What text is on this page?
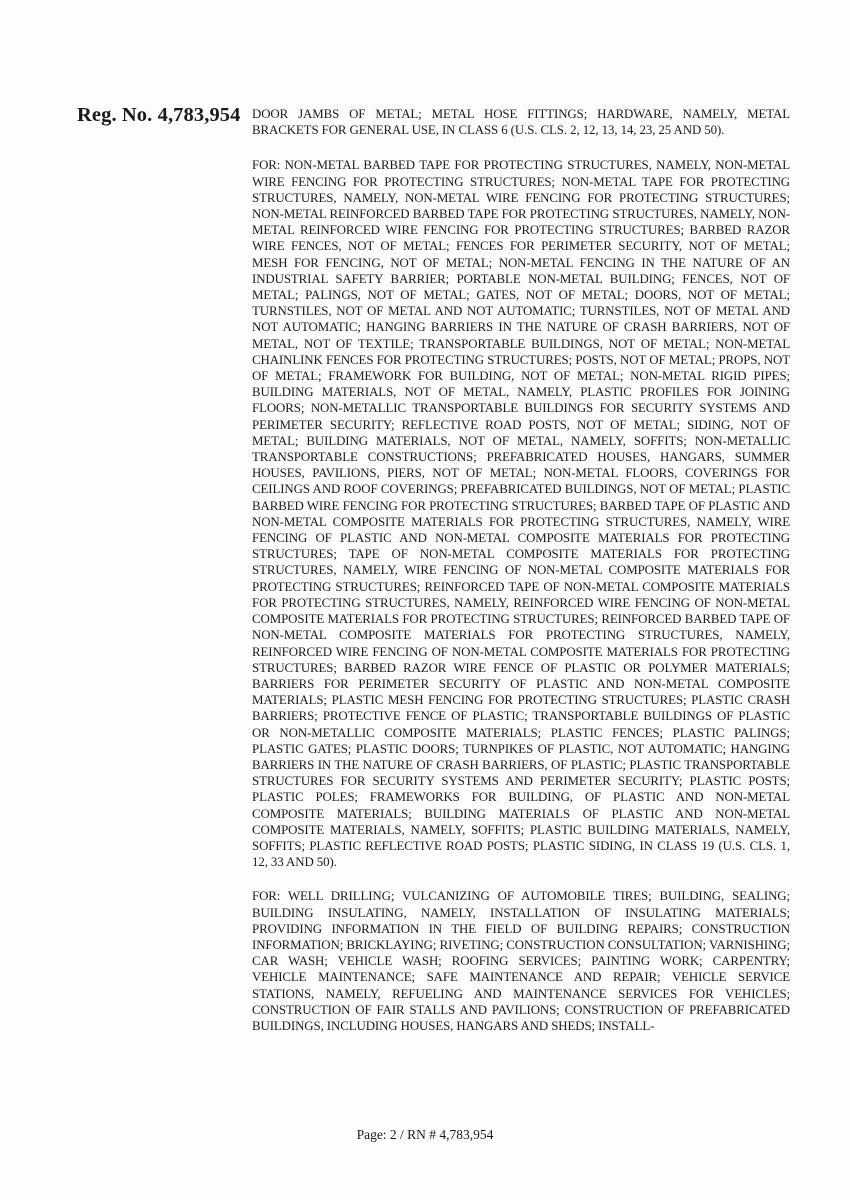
Reg. No. 4,783,954 DOOR JAMBS OF METAL; METAL HOSE FITTINGS; HARDWARE, NAMELY, METAL BRACKETS FOR GENERAL USE, IN CLASS 6 (U.S. CLS. 2, 12, 13, 14, 23, 25 AND 50).

FOR: NON-METAL BARBED TAPE FOR PROTECTING STRUCTURES, NAMELY, NON-METAL WIRE FENCING FOR PROTECTING STRUCTURES; NON-METAL TAPE FOR PROTECTING STRUCTURES, NAMELY, NON-METAL WIRE FENCING FOR PROTECTING STRUCTURES; NON-METAL REINFORCED BARBED TAPE FOR PROTECTING STRUCTURES, NAMELY, NON-METAL REINFORCED WIRE FENCING FOR PROTECTING STRUCTURES; BARBED RAZOR WIRE FENCES, NOT OF METAL; FENCES FOR PERIMETER SECURITY, NOT OF METAL; MESH FOR FENCING, NOT OF METAL; NON-METAL FENCING IN THE NATURE OF AN INDUSTRIAL SAFETY BARRIER; PORTABLE NON-METAL BUILDING; FENCES, NOT OF METAL; PALINGS, NOT OF METAL; GATES, NOT OF METAL; DOORS, NOT OF METAL; TURNSTILES, NOT OF METAL AND NOT AUTOMATIC; TURNSTILES, NOT OF METAL AND NOT AUTOMATIC; HANGING BARRIERS IN THE NATURE OF CRASH BARRIERS, NOT OF METAL, NOT OF TEXTILE; TRANSPORTABLE BUILDINGS, NOT OF METAL; NON-METAL CHAINLINK FENCES FOR PROTECTING STRUCTURES; POSTS, NOT OF METAL; PROPS, NOT OF METAL; FRAMEWORK FOR BUILDING, NOT OF METAL; NON-METAL RIGID PIPES; BUILDING MATERIALS, NOT OF METAL, NAMELY, PLASTIC PROFILES FOR JOINING FLOORS; NON-METALLIC TRANSPORTABLE BUILDINGS FOR SECURITY SYSTEMS AND PERIMETER SECURITY; REFLECTIVE ROAD POSTS, NOT OF METAL; SIDING, NOT OF METAL; BUILDING MATERIALS, NOT OF METAL, NAMELY, SOFFITS; NON-METALLIC TRANSPORTABLE CONSTRUCTIONS; PREFABRICATED HOUSES, HANGARS, SUMMER HOUSES, PAVILIONS, PIERS, NOT OF METAL; NON-METAL FLOORS, COVERINGS FOR CEILINGS AND ROOF COVERINGS; PREFABRICATED BUILDINGS, NOT OF METAL; PLASTIC BARBED WIRE FENCING FOR PROTECTING STRUCTURES; BARBED TAPE OF PLASTIC AND NON-METAL COMPOSITE MATERIALS FOR PROTECTING STRUCTURES, NAMELY, WIRE FENCING OF PLASTIC AND NON-METAL COMPOSITE MATERIALS FOR PROTECTING STRUCTURES; TAPE OF NON-METAL COMPOSITE MATERIALS FOR PROTECTING STRUCTURES, NAMELY, WIRE FENCING OF NON-METAL COMPOSITE MATERIALS FOR PROTECTING STRUCTURES; REINFORCED TAPE OF NON-METAL COMPOSITE MATERIALS FOR PROTECTING STRUCTURES, NAMELY, REINFORCED WIRE FENCING OF NON-METAL COMPOSITE MATERIALS FOR PROTECTING STRUCTURES; REINFORCED BARBED TAPE OF NON-METAL COMPOSITE MATERIALS FOR PROTECTING STRUCTURES, NAMELY, REINFORCED WIRE FENCING OF NON-METAL COMPOSITE MATERIALS FOR PROTECTING STRUCTURES; BARBED RAZOR WIRE FENCE OF PLASTIC OR POLYMER MATERIALS; BARRIERS FOR PERIMETER SECURITY OF PLASTIC AND NON-METAL COMPOSITE MATERIALS; PLASTIC MESH FENCING FOR PROTECTING STRUCTURES; PLASTIC CRASH BARRIERS; PROTECTIVE FENCE OF PLASTIC; TRANSPORTABLE BUILDINGS OF PLASTIC OR NON-METALLIC COMPOSITE MATERIALS; PLASTIC FENCES; PLASTIC PALINGS; PLASTIC GATES; PLASTIC DOORS; TURNPIKES OF PLASTIC, NOT AUTOMATIC; HANGING BARRIERS IN THE NATURE OF CRASH BARRIERS, OF PLASTIC; PLASTIC TRANSPORTABLE STRUCTURES FOR SECURITY SYSTEMS AND PERIMETER SECURITY; PLASTIC POSTS; PLASTIC POLES; FRAMEWORKS FOR BUILDING, OF PLASTIC AND NON-METAL COMPOSITE MATERIALS; BUILDING MATERIALS OF PLASTIC AND NON-METAL COMPOSITE MATERIALS, NAMELY, SOFFITS; PLASTIC BUILDING MATERIALS, NAMELY, SOFFITS; PLASTIC REFLECTIVE ROAD POSTS; PLASTIC SIDING, IN CLASS 19 (U.S. CLS. 1, 12, 33 AND 50).

FOR: WELL DRILLING; VULCANIZING OF AUTOMOBILE TIRES; BUILDING, SEALING; BUILDING INSULATING, NAMELY, INSTALLATION OF INSULATING MATERIALS; PROVIDING INFORMATION IN THE FIELD OF BUILDING REPAIRS; CONSTRUCTION INFORMATION; BRICKLAYING; RIVETING; CONSTRUCTION CONSULTATION; VARNISHING; CAR WASH; VEHICLE WASH; ROOFING SERVICES; PAINTING WORK; CARPENTRY; VEHICLE MAINTENANCE; SAFE MAINTENANCE AND REPAIR; VEHICLE SERVICE STATIONS, NAMELY, REFUELING AND MAINTENANCE SERVICES FOR VEHICLES; CONSTRUCTION OF FAIR STALLS AND PAVILIONS; CONSTRUCTION OF PREFABRICATED BUILDINGS, INCLUDING HOUSES, HANGARS AND SHEDS; INSTALL-

Page: 2 / RN # 4,783,954
